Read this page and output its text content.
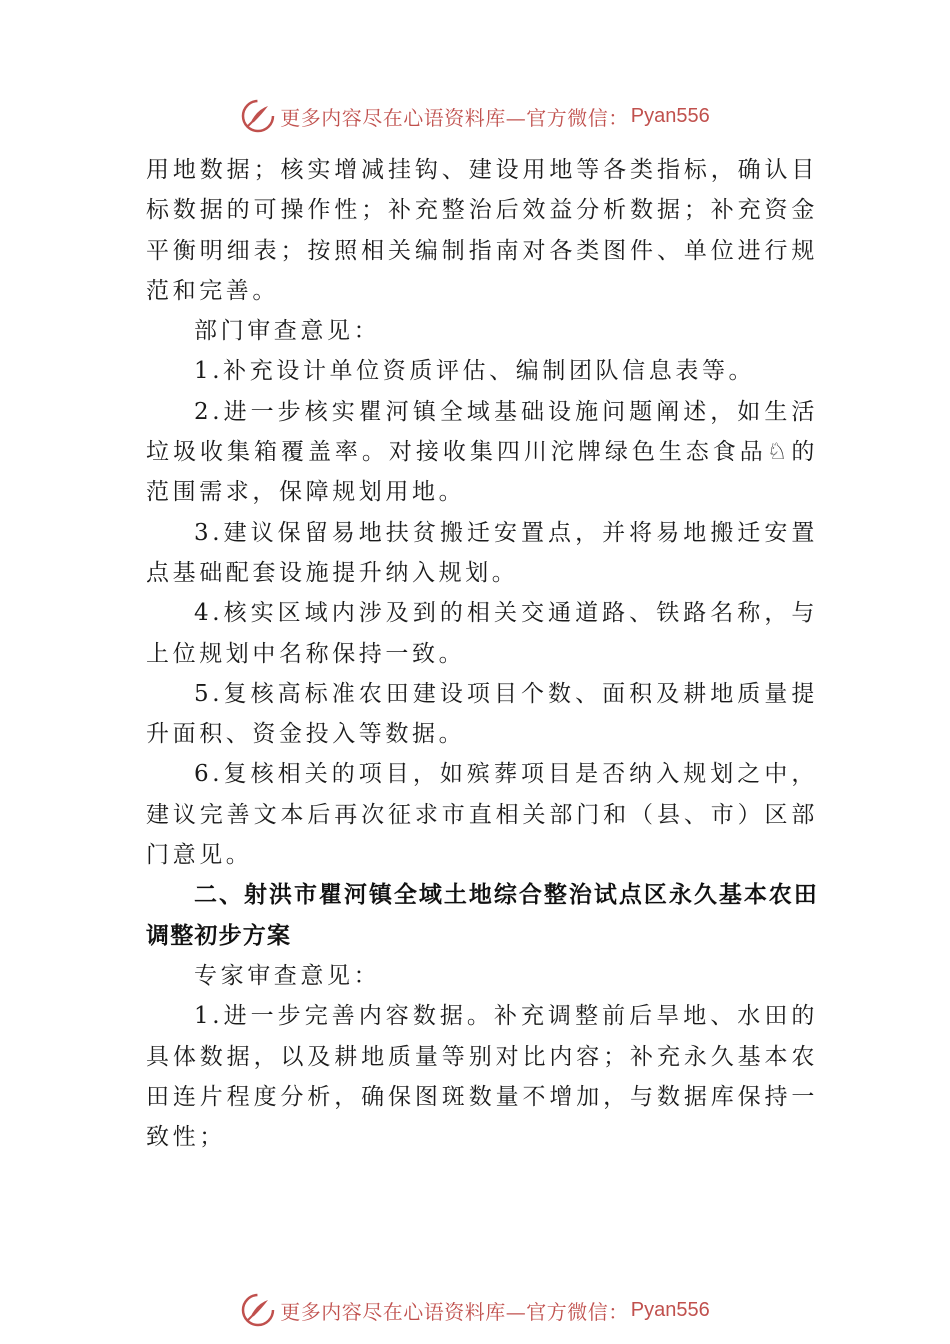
更多内容尽在心语资料库—官方微信： Pyan556

用地数据；核实增减挂钩、建设用地等各类指标，确认目标数据的可操作性；补充整治后效益分析数据；补充资金平衡明细表；按照相关编制指南对各类图件、单位进行规范和完善。

部门审查意见：

1.补充设计单位资质评估、编制团队信息表等。

2.进一步核实瞿河镇全域基础设施问题阐述，如生活垃圾收集箱覆盖率。对接收集四川沱牌绿色生态食品♘的范围需求，保障规划用地。

3.建议保留易地扶贫搬迁安置点，并将易地搬迁安置点基础配套设施提升纳入规划。

4.核实区域内涉及到的相关交通道路、铁路名称，与上位规划中名称保持一致。

5.复核高标准农田建设项目个数、面积及耕地质量提升面积、资金投入等数据。

6.复核相关的项目，如殡葬项目是否纳入规划之中，建议完善文本后再次征求市直相关部门和（县、市）区部门意见。

二、射洪市瞿河镇全域土地综合整治试点区永久基本农田调整初步方案

专家审查意见：

1.进一步完善内容数据。补充调整前后旱地、水田的具体数据，以及耕地质量等别对比内容；补充永久基本农田连片程度分析，确保图斑数量不增加，与数据库保持一致性；

更多内容尽在心语资料库—官方微信： Pyan556
